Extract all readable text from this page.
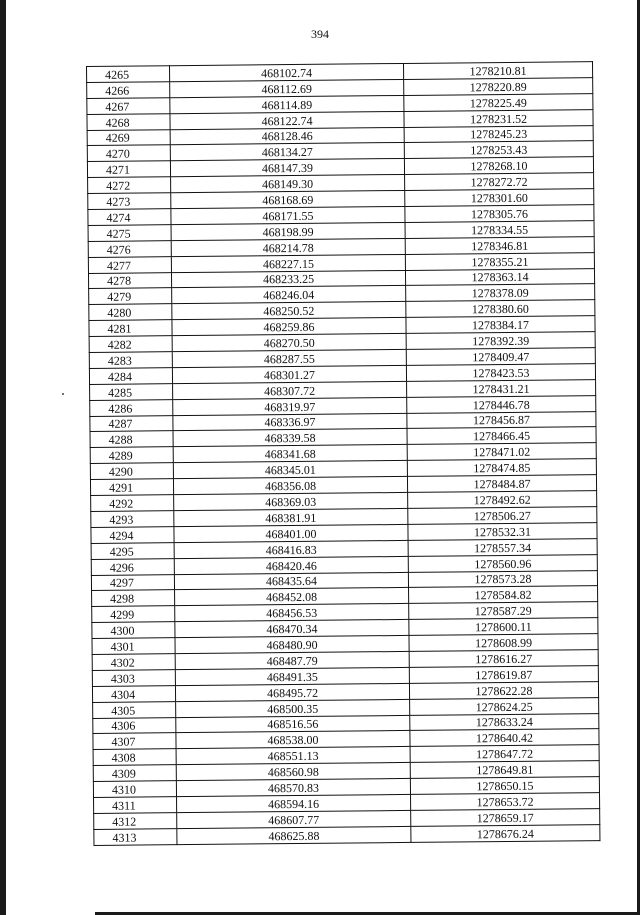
394
4265	468102.74	1278210.81
4266	468112.69	1278220.89
4267	468114.89	1278225.49
4268	468122.74	1278231.52
4269	468128.46	1278245.23
4270	468134.27	1278253.43
4271	468147.39	1278268.10
4272	468149.30	1278272.72
4273	468168.69	1278301.60
4274	468171.55	1278305.76
4275	468198.99	1278334.55
4276	468214.78	1278346.81
4277	468227.15	1278355.21
4278	468233.25	1278363.14
4279	468246.04	1278378.09
4280	468250.52	1278380.60
4281	468259.86	1278384.17
4282	468270.50	1278392.39
4283	468287.55	1278409.47
4284	468301.27	1278423.53
4285	468307.72	1278431.21
4286	468319.97	1278446.78
4287	468336.97	1278456.87
4288	468339.58	1278466.45
4289	468341.68	1278471.02
4290	468345.01	1278474.85
4291	468356.08	1278484.87
4292	468369.03	1278492.62
4293	468381.91	1278506.27
4294	468401.00	1278532.31
4295	468416.83	1278557.34
4296	468420.46	1278560.96
4297	468435.64	1278573.28
4298	468452.08	1278584.82
4299	468456.53	1278587.29
4300	468470.34	1278600.11
4301	468480.90	1278608.99
4302	468487.79	1278616.27
4303	468491.35	1278619.87
4304	468495.72	1278622.28
4305	468500.35	1278624.25
4306	468516.56	1278633.24
4307	468538.00	1278640.42
4308	468551.13	1278647.72
4309	468560.98	1278649.81
4310	468570.83	1278650.15
4311	468594.16	1278653.72
4312	468607.77	1278659.17
4313	468625.88	1278676.24
